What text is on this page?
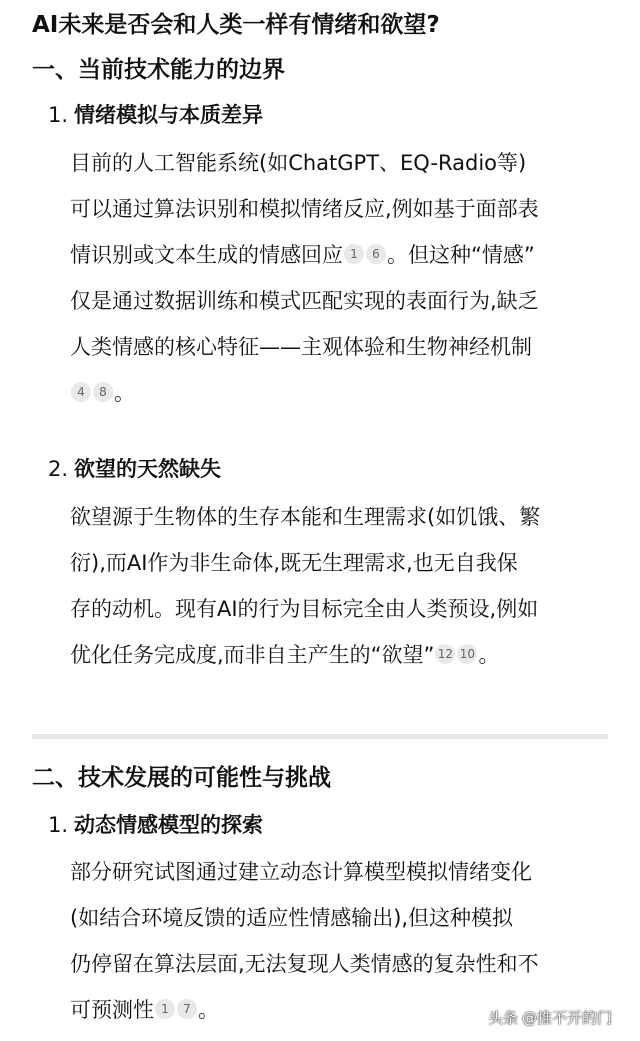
AI未来是否会和人类一样有情绪和欲望?
一、当前技术能力的边界
1. 情绪模拟与本质差异
目前的人工智能系统(如ChatGPT、EQ-Radio等)
可以通过算法识别和模拟情绪反应,例如基于面部表
情识别或文本生成的情感回应 1 6 。但这种“情感”
仅是通过数据训练和模式匹配实现的表面行为,缺乏
人类情感的核心特征——主观体验和生物神经机制
4 8 。
2. 欲望的天然缺失
欲望源于生物体的生存本能和生理需求(如饥饿、繁
衍),而AI作为非生命体,既无生理需求,也无自我保
存的动机。现有AI的行为目标完全由人类预设,例如
优化任务完成度,而非自主产生的“欲望” 12 10 。
二、技术发展的可能性与挑战
1. 动态情感模型的探索
部分研究试图通过建立动态计算模型模拟情绪变化
(如结合环境反馈的适应性情感输出),但这种模拟
仍停留在算法层面,无法复现人类情感的复杂性和不
可预测性 1 7 。	头条 @推不开的门
